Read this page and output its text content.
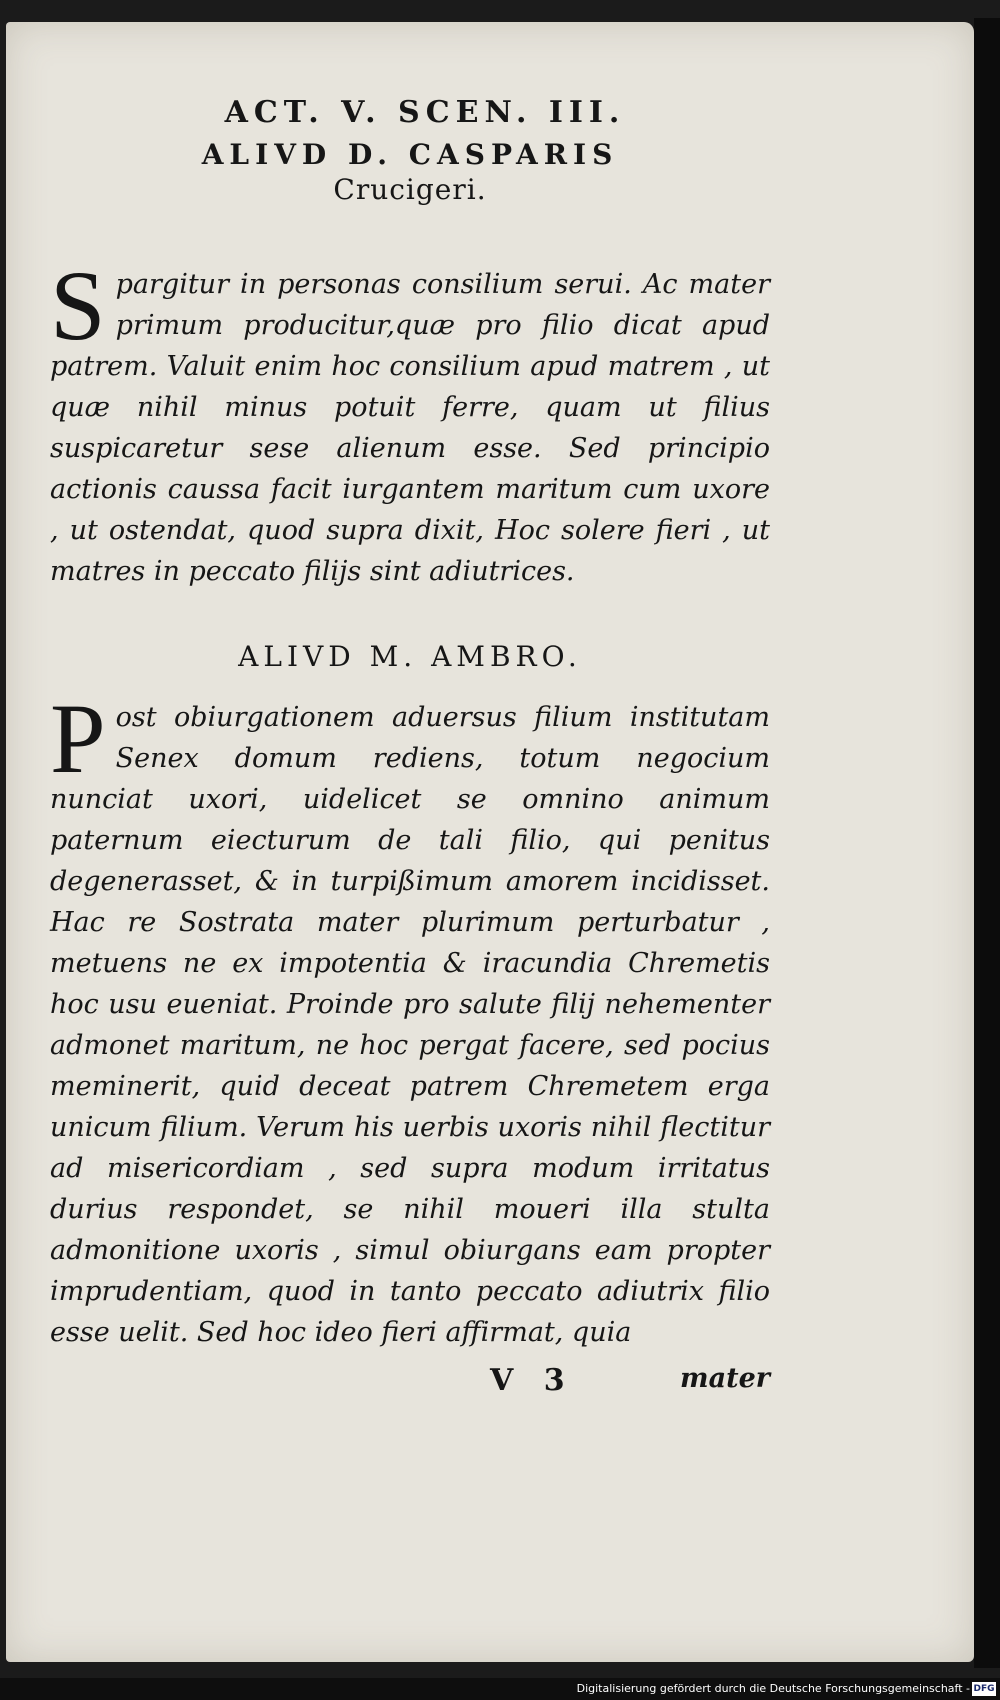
ACT. V. SCEN. III.
ALIVD D. CASPARIS
Crucigeri.

Spargitur in personas consilium serui. Ac mater primum producitur,quæ pro filio dicat apud patrem. Valuit enim hoc consilium apud matrem , ut quæ nihil minus potuit ferre, quam ut filius suspicaretur sese alienum esse. Sed principio actionis caussa facit iurgantem maritum cum uxore , ut ostendat, quod supra dixit, Hoc solere fieri , ut matres in peccato filijs sint adiutrices.

ALIVD M. AMBRO.

Post obiurgationem aduersus filium institutam Senex domum rediens, totum negocium nunciat uxori, uidelicet se omnino animum paternum eiecturum de tali filio, qui penitus degenerasset, & in turpißimum amorem incidisset. Hac re Sostrata mater plurimum perturbatur , metuens ne ex impotentia & iracundia Chremetis hoc usu eueniat. Proinde pro salute filij nehementer admonet maritum, ne hoc pergat facere, sed pocius meminerit, quid deceat patrem Chremetem erga unicum filium. Verum his uerbis uxoris nihil flectitur ad misericordiam , sed supra modum irritatus durius respondet, se nihil moueri illa stulta admonitione uxoris , simul obiurgans eam propter imprudentiam, quod in tanto peccato adiutrix filio esse uelit. Sed hoc ideo fieri affirmat, quia

V 3	mater
Digitalisierung gefördert durch die Deutsche Forschungsgemeinschaft - DFG
